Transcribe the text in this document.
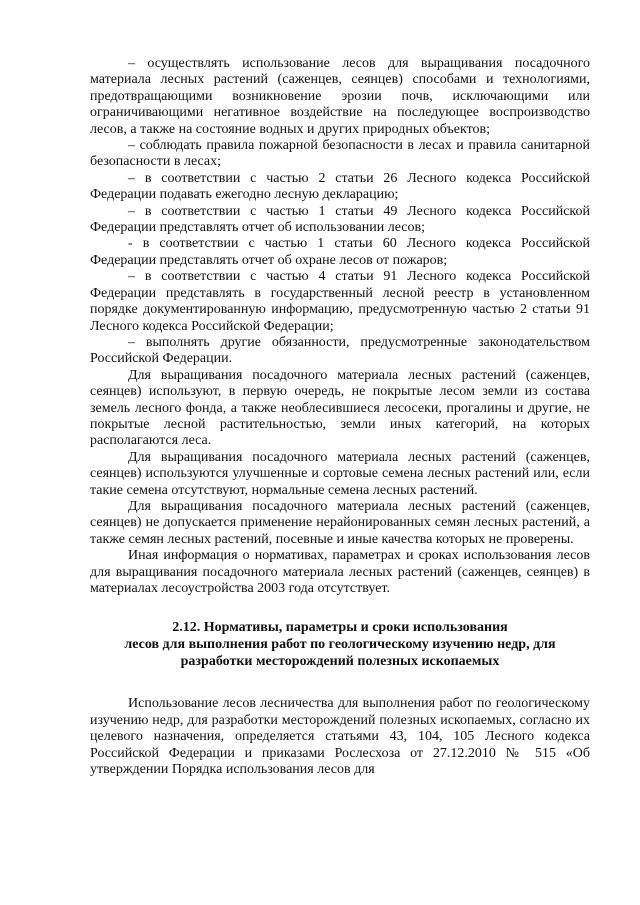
– осуществлять использование лесов для выращивания посадочного материала лесных растений (саженцев, сеянцев) способами и технологиями, предотвращающими возникновение эрозии почв, исключающими или ограничивающими негативное воздействие на последующее воспроизводство лесов, а также на состояние водных и других природных объектов;

– соблюдать правила пожарной безопасности в лесах и правила санитарной безопасности в лесах;

– в соответствии с частью 2 статьи 26 Лесного кодекса Российской Федерации подавать ежегодно лесную декларацию;

– в соответствии с частью 1 статьи 49 Лесного кодекса Российской Федерации представлять отчет об использовании лесов;

- в соответствии с частью 1 статьи 60 Лесного кодекса Российской Федерации представлять отчет об охране лесов от пожаров;

– в соответствии с частью 4 статьи 91 Лесного кодекса Российской Федерации представлять в государственный лесной реестр в установленном порядке документированную информацию, предусмотренную частью 2 статьи 91 Лесного кодекса Российской Федерации;

– выполнять другие обязанности, предусмотренные законодательством Российской Федерации.

Для выращивания посадочного материала лесных растений (саженцев, сеянцев) используют, в первую очередь, не покрытые лесом земли из состава земель лесного фонда, а также необлесившиеся лесосеки, прогалины и другие, не покрытые лесной растительностью, земли иных категорий, на которых располагаются леса.

Для выращивания посадочного материала лесных растений (саженцев, сеянцев) используются улучшенные и сортовые семена лесных растений или, если такие семена отсутствуют, нормальные семена лесных растений.

Для выращивания посадочного материала лесных растений (саженцев, сеянцев) не допускается применение нерайонированных семян лесных растений, а также семян лесных растений, посевные и иные качества которых не проверены.

Иная информация о нормативах, параметрах и сроках использования лесов для выращивания посадочного материала лесных растений (саженцев, сеянцев) в материалах лесоустройства 2003 года отсутствует.

2.12. Нормативы, параметры и сроки использования
лесов для выполнения работ по геологическому изучению недр, для
разработки месторождений полезных ископаемых

Использование лесов лесничества для выполнения работ по геологическому изучению недр, для разработки месторождений полезных ископаемых, согласно их целевого назначения, определяется статьями 43, 104, 105 Лесного кодекса Российской Федерации и приказами Рослесхоза от 27.12.2010 № 515 «Об утверждении Порядка использования лесов для
